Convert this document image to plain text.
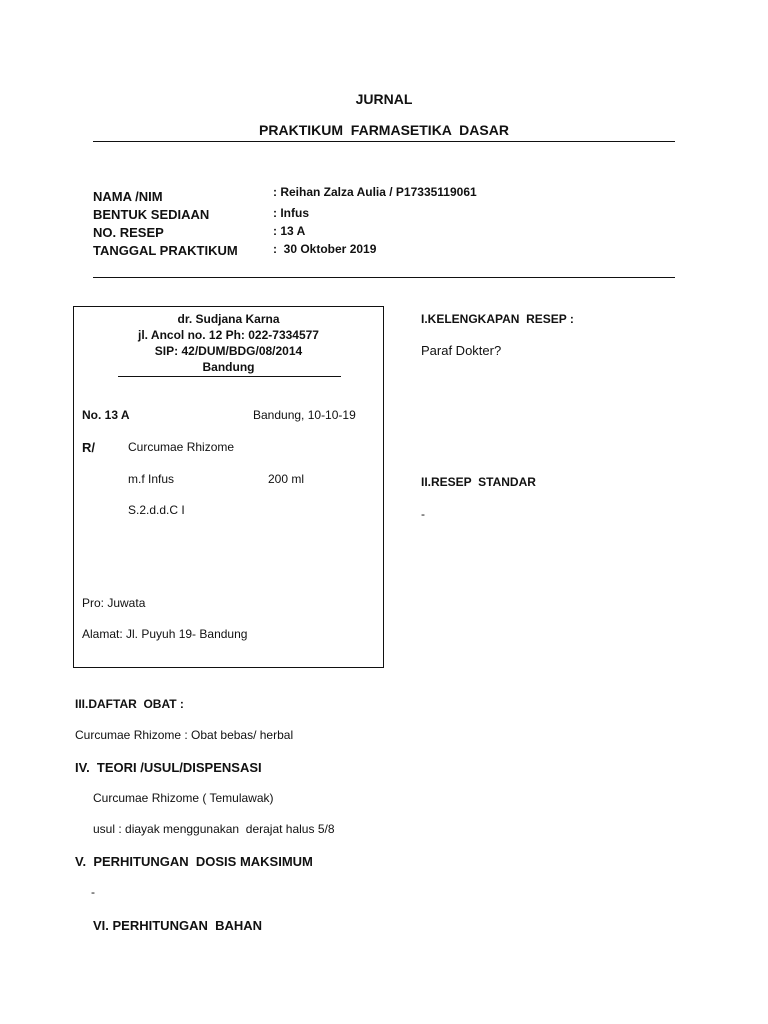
JURNAL
PRAKTIKUM  FARMASETIKA  DASAR
NAMA /NIM	: Reihan Zalza Aulia / P17335119061
BENTUK SEDIAAN	: Infus
NO. RESEP	: 13 A
TANGGAL PRAKTIKUM	:  30 Oktober 2019
dr. Sudjana Karna
jl. Ancol no. 12 Ph: 022-7334577
SIP: 42/DUM/BDG/08/2014
Bandung
No. 13 A	Bandung, 10-10-19
R/	Curcumae Rhizome
m.f Infus	200 ml
S.2.d.d.C I
Pro: Juwata
Alamat: Jl. Puyuh 19- Bandung
I.KELENGKAPAN  RESEP :
Paraf Dokter?
II.RESEP  STANDAR
-
III.DAFTAR  OBAT :
Curcumae Rhizome : Obat bebas/ herbal
IV.  TEORI /USUL/DISPENSASI
Curcumae Rhizome ( Temulawak)
usul : diayak menggunakan  derajat halus 5/8
V.  PERHITUNGAN  DOSIS MAKSIMUM
-
VI. PERHITUNGAN  BAHAN
